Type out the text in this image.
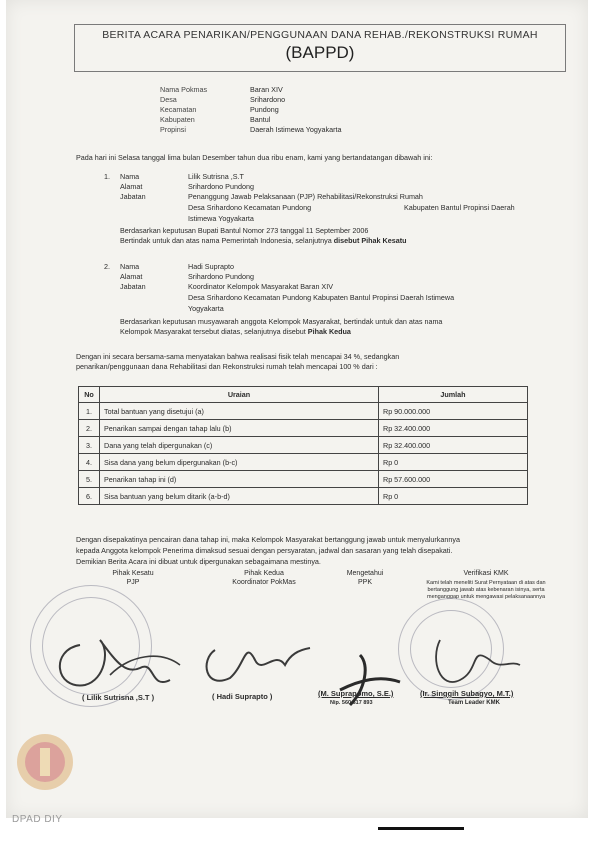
BERITA ACARA PENARIKAN/PENGGUNAAN DANA REHAB./REKONSTRUKSI RUMAH
(BAPPD)
Nama Pokmas	Baran XIV
Desa	Srihardono
Kecamatan	Pundong
Kabupaten	Bantul
Propinsi	Daerah Istimewa Yogyakarta
Pada hari ini Selasa tanggal lima bulan Desember tahun dua ribu enam, kami yang bertandatangan dibawah ini:
1. Nama	Lilik Sutrisna ,S.T
Alamat	Srihardono Pundong
Jabatan	Penanggung Jawab Pelaksanaan (PJP) Rehabilitasi/Rekonstruksi Rumah
Desa Srihardono Kecamatan Pundong	Kabupaten Bantul Propinsi Daerah
Istimewa Yogyakarta
Berdasarkan keputusan Bupati Bantul Nomor 273 tanggal 11 September 2006
Bertindak untuk dan atas nama Pemerintah Indonesia, selanjutnya disebut Pihak Kesatu
2. Nama	Hadi Suprapto
Alamat	Srihardono Pundong
Jabatan	Koordinator Kelompok Masyarakat Baran XIV
Desa Srihardono Kecamatan Pundong Kabupaten Bantul Propinsi Daerah Istimewa
Yogyakarta
Berdasarkan keputusan musyawarah anggota Kelompok Masyarakat, bertindak untuk dan atas nama
Kelompok Masyarakat tersebut diatas, selanjutnya disebut Pihak Kedua
Dengan ini secara bersama-sama menyatakan bahwa realisasi fisik telah mencapai 34 %, sedangkan
penarikan/penggunaan dana Rehabilitasi dan Rekonstruksi rumah telah mencapai 100 % dari :
No	Uraian	Jumlah
1.	Total bantuan yang disetujui (a)	Rp 90.000.000
2.	Penarikan sampai dengan tahap lalu (b)	Rp 32.400.000
3.	Dana yang telah dipergunakan (c)	Rp 32.400.000
4.	Sisa dana yang belum dipergunakan (b-c)	Rp 0
5.	Penarikan tahap ini (d)	Rp 57.600.000
6.	Sisa bantuan yang belum ditarik (a-b-d)	Rp 0
Dengan disepakatinya pencairan dana tahap ini, maka Kelompok Masyarakat bertanggung jawab untuk menyalurkannya
kepada Anggota kelompok Penerima dimaksud sesuai dengan persyaratan, jadwal dan sasaran yang telah disepakati.
Demikian Berita Acara ini dibuat untuk dipergunakan sebagaimana mestinya.
Pihak Kesatu
PJP
Pihak Kedua
Koordinator PokMas
Mengetahui
PPK
Verifikasi KMK
Kami telah meneliti Surat Pernyataan di atas dan bertanggung jawab atas kebenaran isinya, serta menganggap untuk mengawasi pelaksanaannya
( Lilik Sutrisna ,S.T )	( Hadi Suprapto )	(M. Suprapomo, S.E.)
Nip. 560 617 893
(Ir. Singgih Subagyo, M.T.)
Team Leader KMK
DPAD DIY
